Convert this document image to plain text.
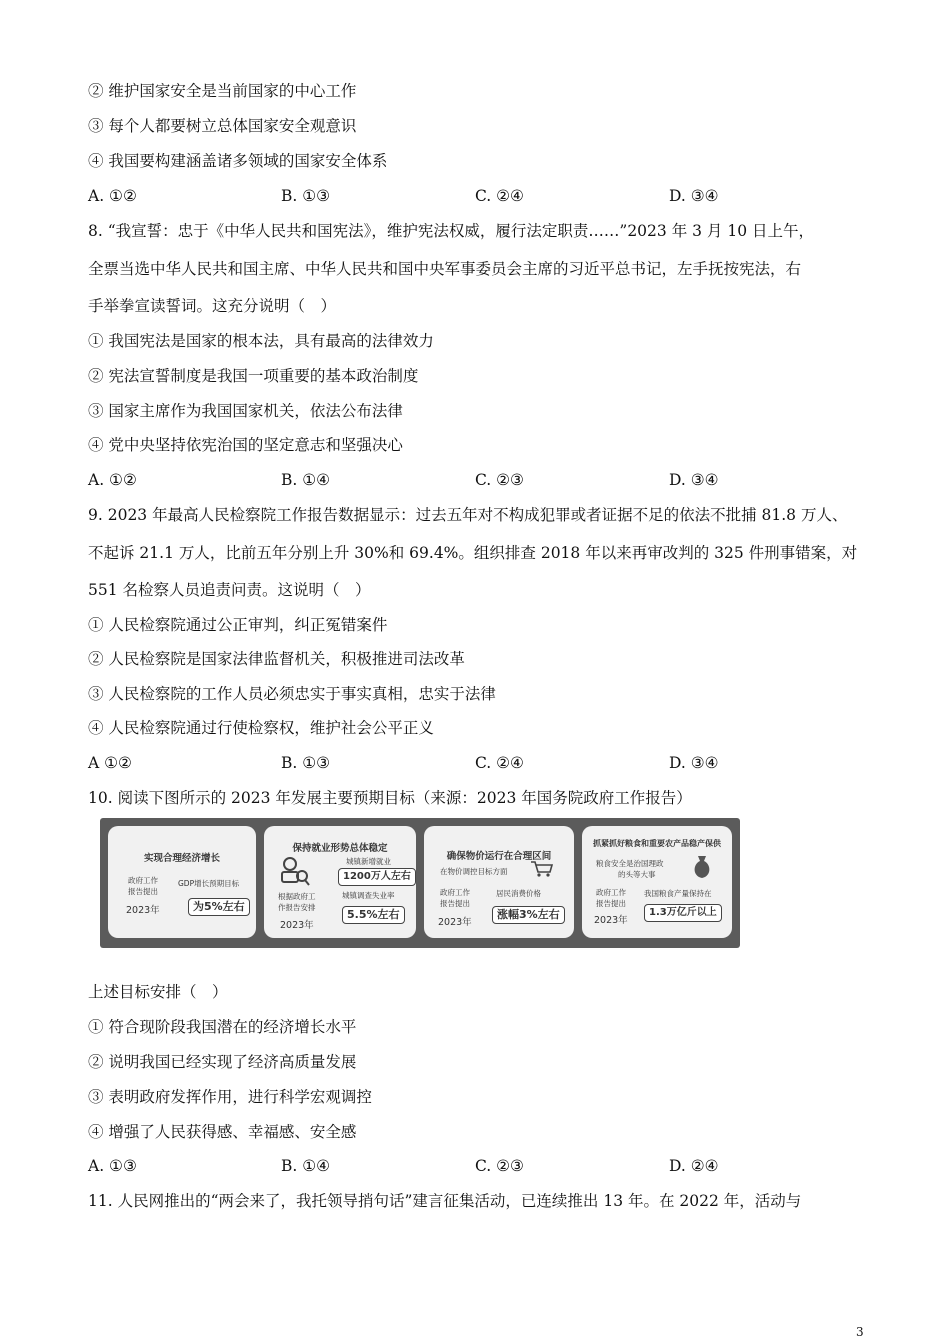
② 维护国家安全是当前国家的中心工作
③ 每个人都要树立总体国家安全观意识
④ 我国要构建涵盖诸多领域的国家安全体系
A. ①②	B. ①③	C. ②④	D. ③④
8. “我宣誓：忠于《中华人民共和国宪法》，维护宪法权威，履行法定职责……”2023 年 3 月 10 日上午，
全票当选中华人民共和国主席、中华人民共和国中央军事委员会主席的习近平总书记，左手抚按宪法，右
手举拳宣读誓词。这充分说明（　）
① 我国宪法是国家的根本法，具有最高的法律效力
② 宪法宣誓制度是我国一项重要的基本政治制度
③ 国家主席作为我国国家机关，依法公布法律
④ 党中央坚持依宪治国的坚定意志和坚强决心
A. ①②	B. ①④	C. ②③	D. ③④
9. 2023 年最高人民检察院工作报告数据显示：过去五年对不构成犯罪或者证据不足的依法不批捕 81.8 万人、
不起诉 21.1 万人，比前五年分别上升 30%和 69.4%。组织排查 2018 年以来再审改判的 325 件刑事错案，对
551 名检察人员追责问责。这说明（　）
① 人民检察院通过公正审判，纠正冤错案件
② 人民检察院是国家法律监督机关，积极推进司法改革
③ 人民检察院的工作人员必须忠实于事实真相，忠实于法律
④ 人民检察院通过行使检察权，维护社会公平正义
A ①②	B. ①③	C. ②④	D. ③④
10. 阅读下图所示的 2023 年发展主要预期目标（来源：2023 年国务院政府工作报告）
实现合理经济增长
政府工作
报告提出
2023年
GDP增长预期目标
为5%左右
保持就业形势总体稳定
城镇新增就业
1200万人左右
城镇调查失业率
根据政府工
作报告安排
2023年
5.5%左右
确保物价运行在合理区间
在物价调控目标方面
政府工作
报告提出
2023年
居民消费价格
涨幅3%左右
抓紧抓好粮食和重要农产品稳产保供
粮食安全是治国理政
的头等大事
政府工作
报告提出
2023年
我国粮食产量保持在
1.3万亿斤以上
上述目标安排（　）
① 符合现阶段我国潜在的经济增长水平
② 说明我国已经实现了经济高质量发展
③ 表明政府发挥作用，进行科学宏观调控
④ 增强了人民获得感、幸福感、安全感
A. ①③	B. ①④	C. ②③	D. ②④
11. 人民网推出的“两会来了，我托领导捎句话”建言征集活动，已连续推出 13 年。在 2022 年，活动与
3
